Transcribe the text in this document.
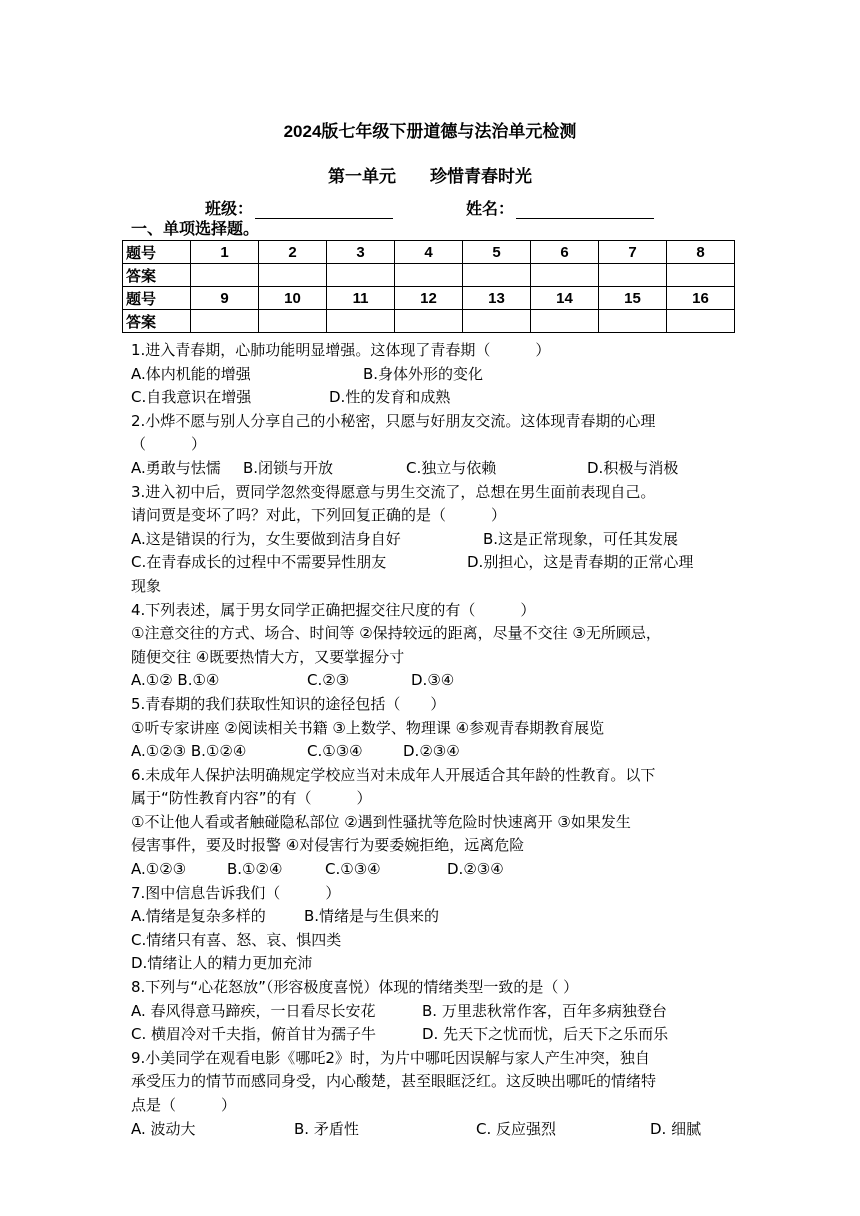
2024版七年级下册道德与法治单元检测
第一单元 珍惜青春时光
班级：	姓名：
一、单项选择题。
题号	1	2	3	4	5	6	7	8
答案								
题号	9	10	11	12	13	14	15	16
答案								
1.进入青春期，心肺功能明显增强。这体现了青春期（　　　）
A.体内机能的增强	B.身体外形的变化
C.自我意识在增强	D.性的发育和成熟
2.小烨不愿与别人分享自己的小秘密，只愿与好朋友交流。这体现青春期的心理
（　　　）
A.勇敢与怯懦 B.闭锁与开放	C.独立与依赖	D.积极与消极
3.进入初中后，贾同学忽然变得愿意与男生交流了，总想在男生面前表现自己。
请问贾是变坏了吗？对此，下列回复正确的是（　　　）
A.这是错误的行为，女生要做到洁身自好	B.这是正常现象，可任其发展
C.在青春成长的过程中不需要异性朋友	D.别担心，这是青春期的正常心理
现象
4.下列表述，属于男女同学正确把握交往尺度的有（　　　）
①注意交往的方式、场合、时间等 ②保持较远的距离，尽量不交往 ③无所顾忌，
随便交往 ④既要热情大方，又要掌握分寸
A.①② B.①④	C.②③	D.③④
5.青春期的我们获取性知识的途径包括（　　）
①听专家讲座 ②阅读相关书籍 ③上数学、物理课 ④参观青春期教育展览
A.①②③ B.①②④	C.①③④	D.②③④
6.未成年人保护法明确规定学校应当对未成年人开展适合其年龄的性教育。以下
属于“防性教育内容”的有（　　　）
①不让他人看或者触碰隐私部位 ②遇到性骚扰等危险时快速离开 ③如果发生
侵害事件，要及时报警 ④对侵害行为要委婉拒绝，远离危险
A.①②③	B.①②④	C.①③④	D.②③④
7.图中信息告诉我们（　　　）
A.情绪是复杂多样的	B.情绪是与生俱来的
C.情绪只有喜、怒、哀、惧四类
D.情绪让人的精力更加充沛
8.下列与“心花怒放”（形容极度喜悦）体现的情绪类型一致的是（ ）
A. 春风得意马蹄疾，一日看尽长安花	B. 万里悲秋常作客，百年多病独登台
C. 横眉冷对千夫指，俯首甘为孺子牛	D. 先天下之忧而忧，后天下之乐而乐
9.小美同学在观看电影《哪吒2》时，为片中哪吒因误解与家人产生冲突，独自
承受压力的情节而感同身受，内心酸楚，甚至眼眶泛红。这反映出哪吒的情绪特
点是（　　　）
A. 波动大	B. 矛盾性	C. 反应强烈	D. 细腻
